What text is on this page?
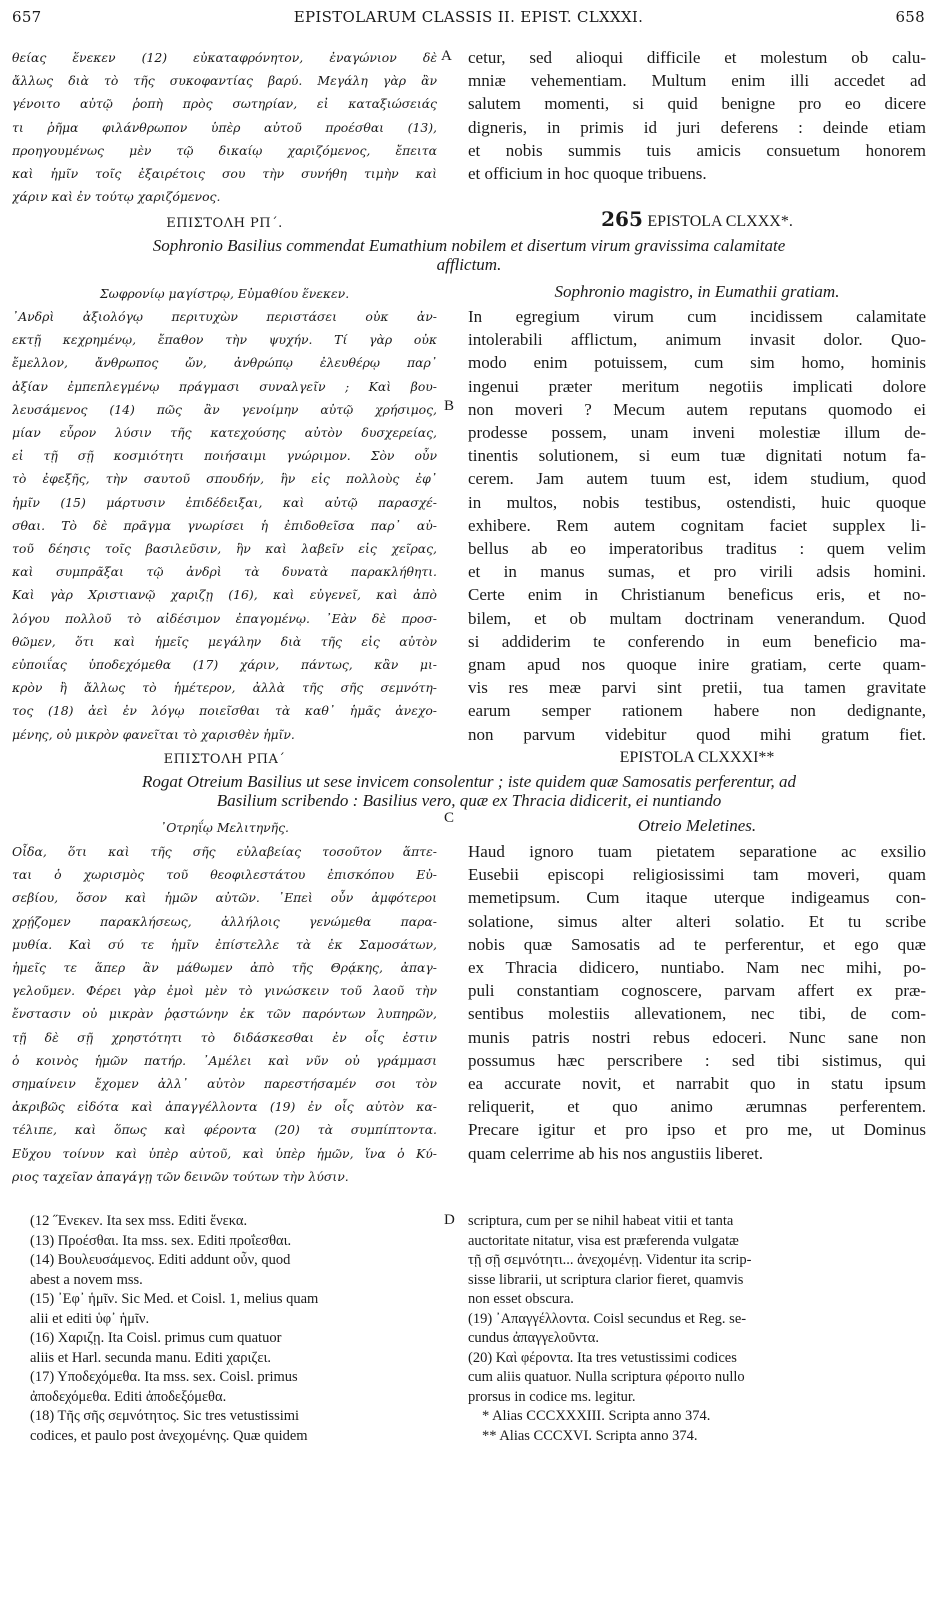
657	EPISTOLARUM CLASSIS II. EPIST. CLXXXI.	658
θείας ἕνεκεν (12) εὐκαταφρόνητον, ἐναγώνιον δὲ
ἄλλως διὰ τὸ τῆς συκοφαντίας βαρύ. Μεγάλη γὰρ ἂν
γένοιτο αὐτῷ ῥοπὴ πρὸς σωτηρίαν, εἰ καταξιώσειάς
τι ῥῆμα φιλάνθρωπον ὑπὲρ αὐτοῦ προέσθαι (13),
προηγουμένως μὲν τῷ δικαίῳ χαριζόμενος, ἔπειτα
καὶ ἡμῖν τοῖς ἐξαιρέτοις σου τὴν συνήθη τιμὴν καὶ
χάριν καὶ ἐν τούτῳ χαριζόμενος.
A cetur, sed alioqui difficile et molestum ob calu-
mniæ vehementiam. Multum enim illi accedet ad
salutem momenti, si quid benigne pro eo dicere
digneris, in primis id juri deferens : deinde etiam
et nobis summis tuis amicis consuetum honorem
et officium in hoc quoque tribuens.
ΕΠΙΣΤΟΛΗ ΡΠ΄.	265 EPISTOLA CLXXX*.
Sophronio Basilius commendat Eumathium nobilem et disertum virum gravissima calamitate
afflictum.
Σωφρονίῳ μαγίστρῳ, Εὐμαθίου ἕνεκεν.	Sophronio magistro, in Eumathii gratiam.
᾿Ανδρὶ ἀξιολόγῳ περιτυχὼν περιστάσει οὐκ ἀν-
εκτῇ κεχρημένῳ, ἔπαθον τὴν ψυχήν. Τί γὰρ οὐκ
ἔμελλον, ἄνθρωπος ὤν, ἀνθρώπῳ ἐλευθέρῳ παρ᾿
ἀξίαν ἐμπεπλεγμένῳ πράγμασι συναλγεῖν ; Καὶ βου-
λευσάμενος (14) πῶς ἂν γενοίμην αὐτῷ χρήσιμος,
μίαν εὗρον λύσιν τῆς κατεχούσης αὐτὸν δυσχερείας,
εἰ τῇ σῇ κοσμιότητι ποιήσαιμι γνώριμον. Σὸν οὖν
τὸ ἐφεξῆς, τὴν σαυτοῦ σπουδήν, ἣν εἰς πολλοὺς ἐφ᾿
ἡμῖν (15) μάρτυσιν ἐπιδέδειξαι, καὶ αὐτῷ παρασχέ-
σθαι. Τὸ δὲ πρᾶγμα γνωρίσει ἡ ἐπιδοθεῖσα παρ᾿ αὐ-
τοῦ δέησις τοῖς βασιλεῦσιν, ἣν καὶ λαβεῖν εἰς χεῖρας,
καὶ συμπρᾶξαι τῷ ἀνδρὶ τὰ δυνατὰ παρακλήθητι.
Καὶ γὰρ Χριστιανῷ χαριζῃ (16), καὶ εὐγενεῖ, καὶ ἀπὸ
λόγου πολλοῦ τὸ αἰδέσιμον ἐπαγομένῳ. ᾿Εὰν δὲ προσ-
θῶμεν, ὅτι καὶ ἡμεῖς μεγάλην διὰ τῆς εἰς αὐτὸν
εὐποιΐας ὑποδεχόμεθα (17) χάριν, πάντως, κἂν μι-
κρὸν ἢ ἄλλως τὸ ἡμέτερον, ἀλλὰ τῆς σῆς σεμνότη-
τος (18) ἀεὶ ἐν λόγῳ ποιεῖσθαι τὰ καθ᾿ ἡμᾶς ἀνεχο-
μένης, οὐ μικρὸν φανεῖται τὸ χαρισθὲν ἡμῖν.
B
In egregium virum cum incidissem calamitate
intolerabili afflictum, animum invasit dolor. Quo-
modo enim potuissem, cum sim homo, hominis
ingenui præter meritum negotiis implicati dolore
non moveri ? Mecum autem reputans quomodo ei
prodesse possem, unam inveni molestiæ illum de-
tinentis solutionem, si eum tuæ dignitati notum fa-
cerem. Jam autem tuum est, idem studium, quod
in multos, nobis testibus, ostendisti, huic quoque
exhibere. Rem autem cognitam faciet supplex li-
bellus ab eo imperatoribus traditus : quem velim
et in manus sumas, et pro virili adsis homini.
Certe enim in Christianum beneficus eris, et no-
bilem, et ob multam doctrinam venerandum. Quod
si addiderim te conferendo in eum beneficio ma-
gnam apud nos quoque inire gratiam, certe quam-
vis res meæ parvi sint pretii, tua tamen gravitate
earum semper rationem habere non dedignante,
non parvum videbitur quod mihi gratum fiet.
ΕΠΙΣΤΟΛΗ ΡΠΑ΄	EPISTOLA CLXXXI**
Rogat Otreium Basilius ut sese invicem consolentur ; iste quidem quæ Samosatis perferentur, ad
Basilium scribendo : Basilius vero, quæ ex Thracia didicerit, ei nuntiando
᾿Οτρηΐῳ Μελιτηνῆς.
C	Otreio Meletines.
Οἶδα, ὅτι καὶ τῆς σῆς εὐλαβείας τοσοῦτον ἅπτε-
ται ὁ χωρισμὸς τοῦ θεοφιλεστάτου ἐπισκόπου Εὐ-
σεβίου, ὅσον καὶ ἡμῶν αὐτῶν. ᾿Επεὶ οὖν ἀμφότεροι
χρῄζομεν παρακλήσεως, ἀλλήλοις γενώμεθα παρα-
μυθία. Καὶ σύ τε ἡμῖν ἐπίστελλε τὰ ἐκ Σαμοσάτων,
ἡμεῖς τε ἅπερ ἂν μάθωμεν ἀπὸ τῆς Θρᾴκης, ἀπαγ-
γελοῦμεν. Φέρει γὰρ ἐμοὶ μὲν τὸ γινώσκειν τοῦ λαοῦ τὴν
ἔνστασιν οὐ μικρὰν ῥᾳστώνην ἐκ τῶν παρόντων λυπηρῶν,
τῇ δὲ σῇ χρηστότητι τὸ διδάσκεσθαι ἐν οἷς ἐστιν
ὁ κοινὸς ἡμῶν πατήρ. ᾿Αμέλει καὶ νῦν οὐ γράμμασι
σημαίνειν ἔχομεν ἀλλ᾿ αὐτὸν παρεστήσαμέν σοι τὸν
ἀκριβῶς εἰδότα καὶ ἀπαγγέλλοντα (19) ἐν οἷς αὐτὸν κα-
τέλιπε, καὶ ὅπως καὶ φέροντα (20) τὰ συμπίπτοντα.
Εὔχου τοίνυν καὶ ὑπὲρ αὐτοῦ, καὶ ὑπὲρ ἡμῶν, ἵνα ὁ Κύ-
ριος ταχεῖαν ἀπαγάγῃ τῶν δεινῶν τούτων τὴν λύσιν.
Haud ignoro tuam pietatem separatione ac exsilio
Eusebii episcopi religiosissimi tam moveri, quam
memetipsum. Cum itaque uterque indigeamus con-
solatione, simus alter alteri solatio. Et tu scribe
nobis quæ Samosatis ad te perferentur, et ego quæ
ex Thracia didicero, nuntiabo. Nam nec mihi, po-
puli constantiam cognoscere, parvam affert ex præ-
sentibus molestiis allevationem, nec tibi, de com-
munis patris nostri rebus edoceri. Nunc sane non
possumus hæc perscribere : sed tibi sistimus, qui
ea accurate novit, et narrabit quo in statu ipsum
reliquerit, et quo animo ærumnas perferentem.
Precare igitur et pro ipso et pro me, ut Dominus
quam celerrime ab his nos angustiis liberet.
(12 ˝Ενεκεν. Ita sex mss. Editi ἕνεκα.
(13) Προέσθαι. Ita mss. sex. Editi προΐεσθαι.
(14) Βουλευσάμενος. Editi addunt οὖν, quod
abest a novem mss.
(15) ᾿Εφ᾿ ἡμῖν. Sic Med. et Coisl. 1, melius quam
alii et editi ὑφ᾿ ἡμῖν.
(16) Χαριζῃ. Ita Coisl. primus cum quatuor
aliis et Harl. secunda manu. Editi χαριζει.
(17) Υποδεχόμεθα. Ita mss. sex. Coisl. primus
ἀποδεχόμεθα. Editi ἀποδεξόμεθα.
(18) Τῆς σῆς σεμνότητος. Sic tres vetustissimi
codices, et paulo post ἀνεχομένης. Quæ quidem
D scriptura, cum per se nihil habeat vitii et tanta
auctoritate nitatur, visa est præferenda vulgatæ
τῇ σῇ σεμνότητι... ἀνεχομένῃ. Videntur ita scrip-
sisse librarii, ut scriptura clarior fieret, quamvis
non esset obscura.
(19) ᾿Απαγγέλλοντα. Coisl secundus et Reg. se-
cundus ἀπαγγελοῦντα.
(20) Καὶ φέροντα. Ita tres vetustissimi codices
cum aliis quatuor. Nulla scriptura φέροιτο nullo
prorsus in codice ms. legitur.
* Alias CCCXXXIII. Scripta anno 374.
** Alias CCCXVI. Scripta anno 374.
